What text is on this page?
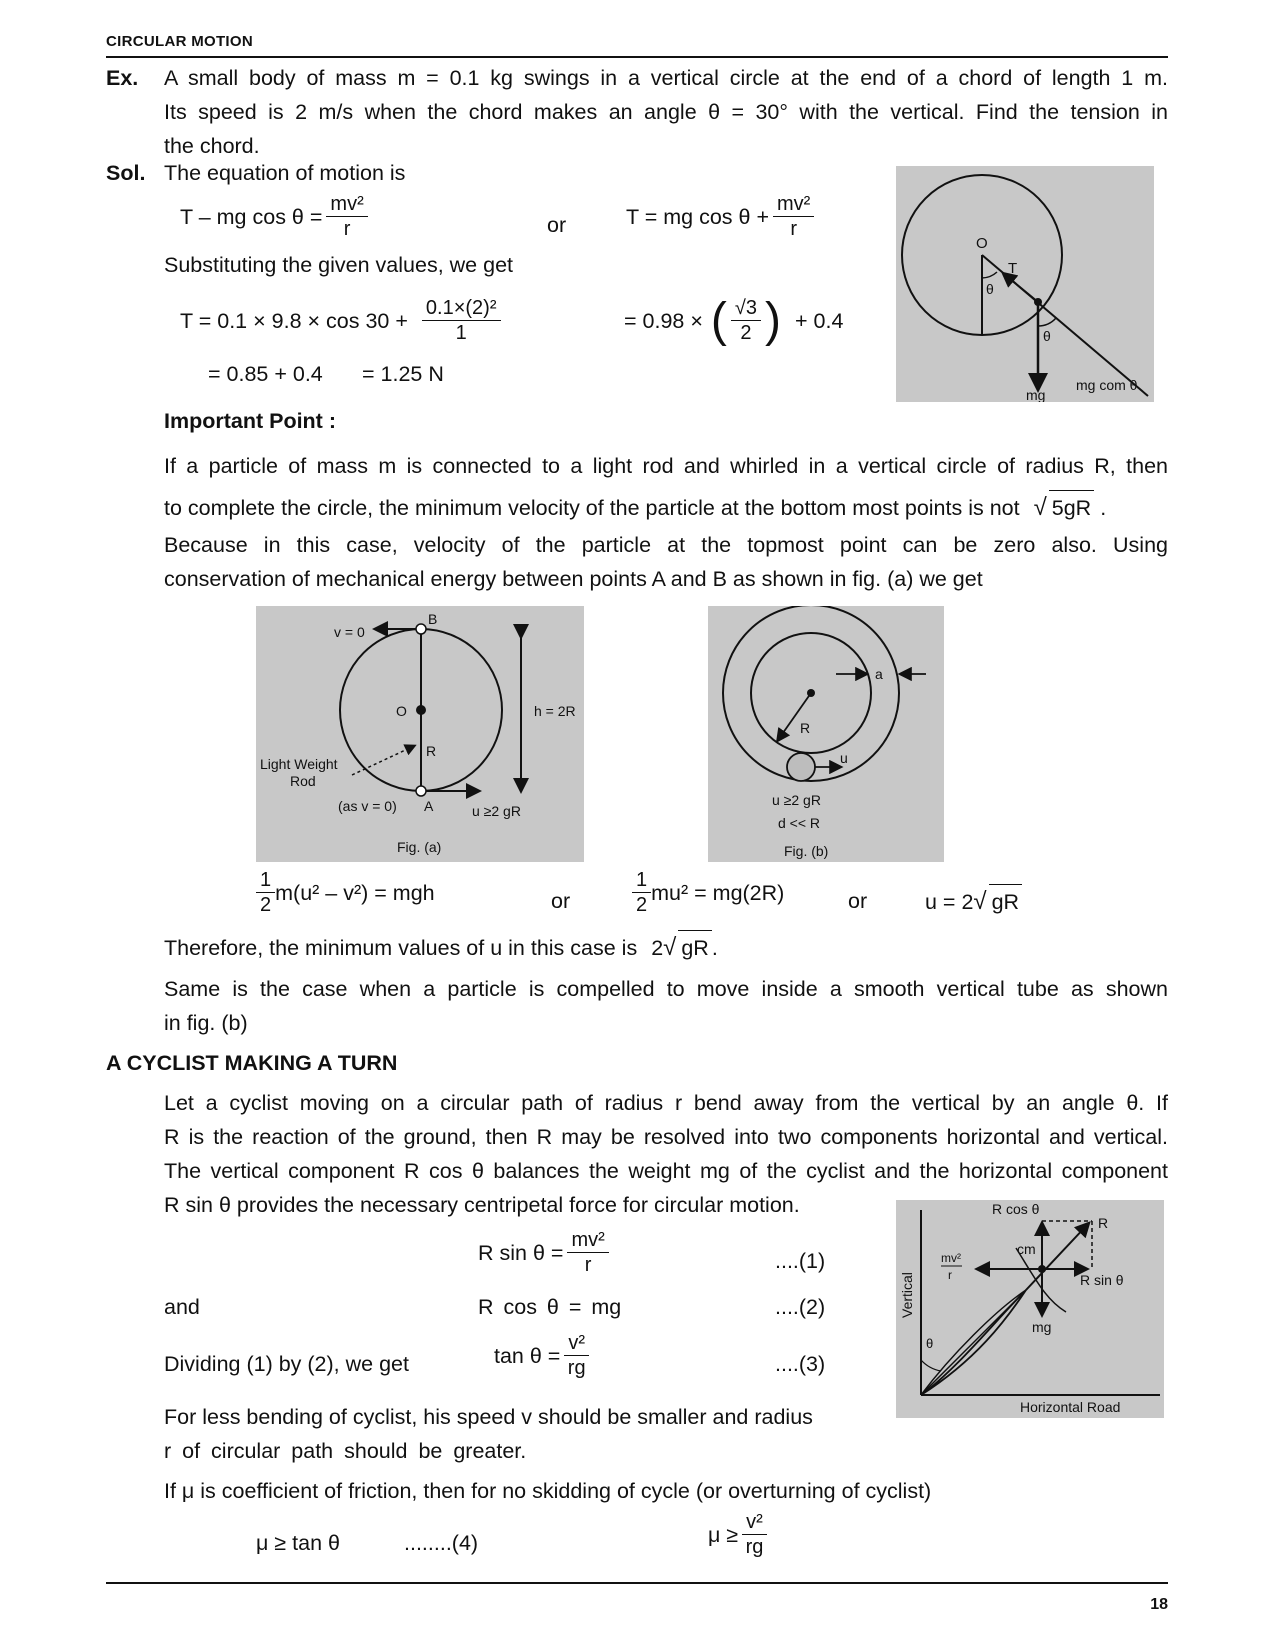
CIRCULAR MOTION
Ex. A small body of mass m = 0.1 kg swings in a vertical circle at the end of a chord of length 1 m.
Its speed is 2 m/s when the chord makes an angle θ = 30° with the vertical. Find the tension in
the chord.
Sol. The equation of motion is
T – mg $\cos \theta = \frac{\text{mv²}}{r}$	or	T = mg $\cos \theta + \frac{\text{mv²}}{r}$
Substituting the given values, we get
$T = 0.1 \times 9.8 \times \cos 30 + \frac{\text{0.1×(2)²}}{1}$	= 0.98 × ( $\frac{√3}{2}$ ) + 0.4
= 0.85 + 0.4 = 1.25 N
O
T
θ
θ
mg
mg com θ
Important Point :
If a particle of mass m is connected to a light rod and whirled in a vertical circle of radius R, then
to complete the circle, the minimum velocity of the particle at the bottom most points is not √ 5gR .
Because in this case, velocity of the particle at the topmost point can be zero also. Using
conservation of mechanical energy between points A and B as shown in fig. (a) we get
v = 0
B
O	h = 2R
R
Light Weight
Rod
(as v = 0) A	u ≥2 gR
Fig. (a)
a
R
u
u ≥2 gR
d << R
Fig. (b)
$\frac{1}{2} m(u^2 - v^2)$ = mgh	or	$\frac{1}{2} mu^2 = mg(2R)$	or	u = 2√ gR
Therefore, the minimum values of u in this case is 2√ gR .
Same is the case when a particle is compelled to move inside a smooth vertical tube as shown
in fig. (b)
A CYCLIST MAKING A TURN
Let a cyclist moving on a circular path of radius r bend away from the vertical by an angle θ. If
R is the reaction of the ground, then R may be resolved into two components horizontal and vertical.
The vertical component R cos θ balances the weight mg of the cyclist and the horizontal component
R sin θ provides the necessary centripetal force for circular motion.
R $\sin \theta = \frac{\text{mv²}}{r}$	....(1)
and	R cos θ = mg	....(2)
Dividing (1) by (2), we get	$\tan \theta = \frac{\text{v²}}{rg}$	....(3)
For less bending of cyclist, his speed v should be smaller and radius
r of circular path should be greater.
If μ is coefficient of friction, then for no skidding of cycle (or overturning of cyclist)
μ ≥ tan θ	........(4)	$\mu \ge \frac{\text{v²}}{rg}$
R cos θ
R
cm
mv²
r	R sin θ
Vertical
mg
θ
Horizontal Road
18
